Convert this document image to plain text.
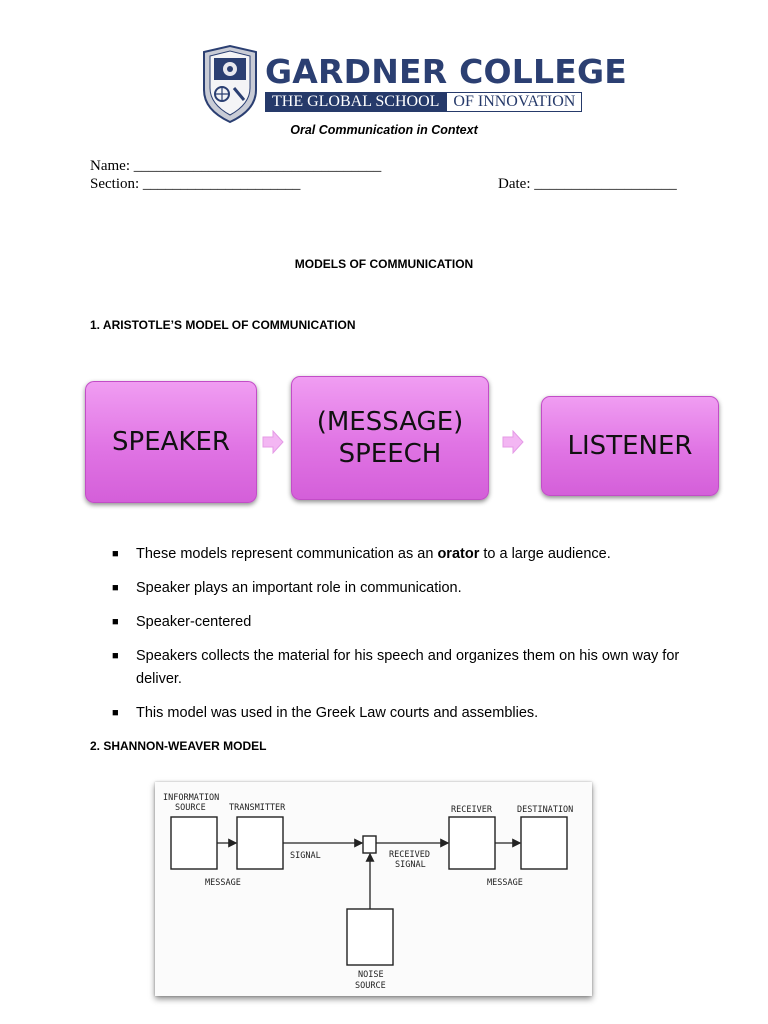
GARDNER COLLEGE
THE GLOBAL SCHOOL OF INNOVATION
Oral Communication in Context
Name: _________________________________
Section: _____________________	Date: ___________________
MODELS OF COMMUNICATION
1. ARISTOTLE’S MODEL OF COMMUNICATION
SPEAKER
(MESSAGE)
SPEECH	LISTENER
■	These models represent communication as an orator to a large audience.
■	Speaker plays an important role in communication.
■	Speaker-centered
■	Speakers collects the material for his speech and organizes them on his own way for deliver.
■	This model was used in the Greek Law courts and assemblies.
2. SHANNON-WEAVER MODEL
INFORMATION
SOURCE	TRANSMITTER	RECEIVER	DESTINATION
SIGNAL	RECEIVED
SIGNAL
MESSAGE	MESSAGE
NOISE
SOURCE
